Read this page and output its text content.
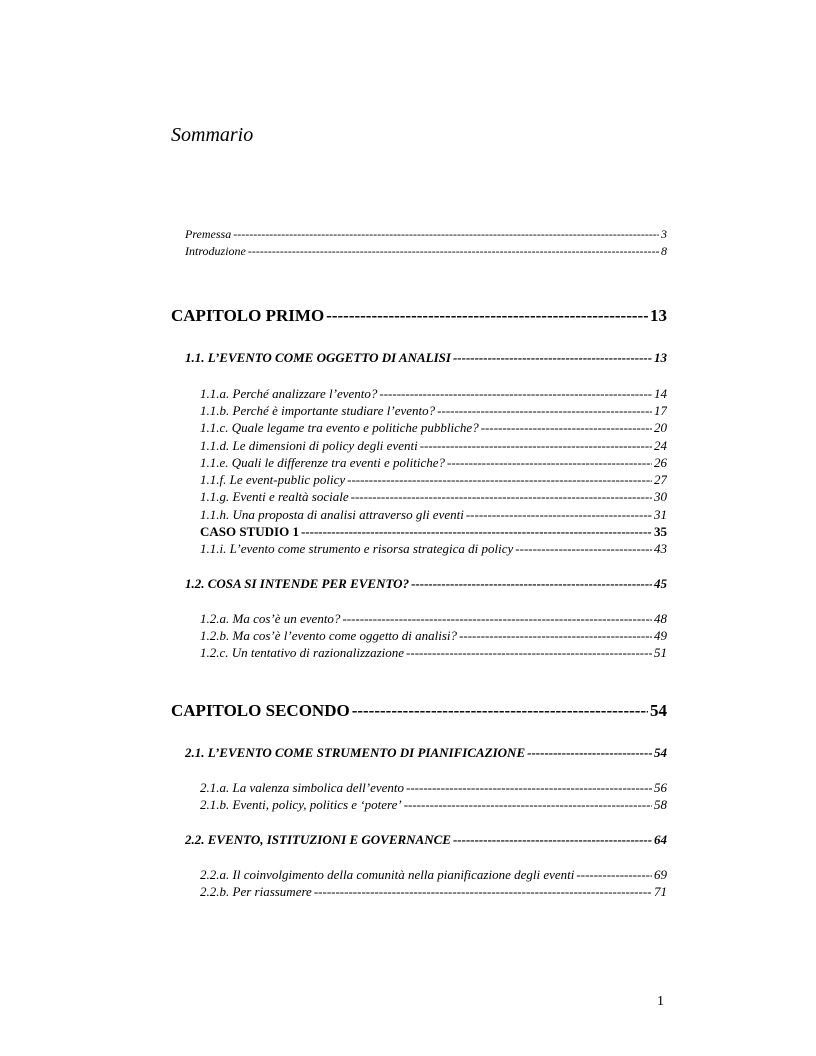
Sommario
Premessa -----	3
Introduzione -----	8
CAPITOLO PRIMO -----	13
1.1. L’EVENTO COME OGGETTO DI ANALISI -----	13
1.1.a. Perché analizzare l’evento? -----	14
1.1.b. Perché è importante studiare l’evento? -----	17
1.1.c. Quale legame tra evento e politiche pubbliche? -----	20
1.1.d. Le dimensioni di policy degli eventi -----	24
1.1.e. Quali le differenze tra eventi e politiche? -----	26
1.1.f. Le event-public policy -----	27
1.1.g. Eventi e realtà sociale -----	30
1.1.h. Una proposta di analisi attraverso gli eventi -----	31
CASO STUDIO 1 -----	35
1.1.i. L’evento come strumento e risorsa strategica di policy -----	43
1.2. COSA SI INTENDE PER EVENTO? -----	45
1.2.a. Ma cos’è un evento? -----	48
1.2.b. Ma cos’è l’evento come oggetto di analisi? -----	49
1.2.c. Un tentativo di razionalizzazione -----	51
CAPITOLO SECONDO -----	54
2.1. L’EVENTO COME STRUMENTO DI PIANIFICAZIONE -----	54
2.1.a. La valenza simbolica dell’evento -----	56
2.1.b. Eventi, policy, politics e ‘potere’ -----	58
2.2. EVENTO, ISTITUZIONI E GOVERNANCE -----	64
2.2.a. Il coinvolgimento della comunità nella pianificazione degli eventi -----	69
2.2.b. Per riassumere -----	71
1
